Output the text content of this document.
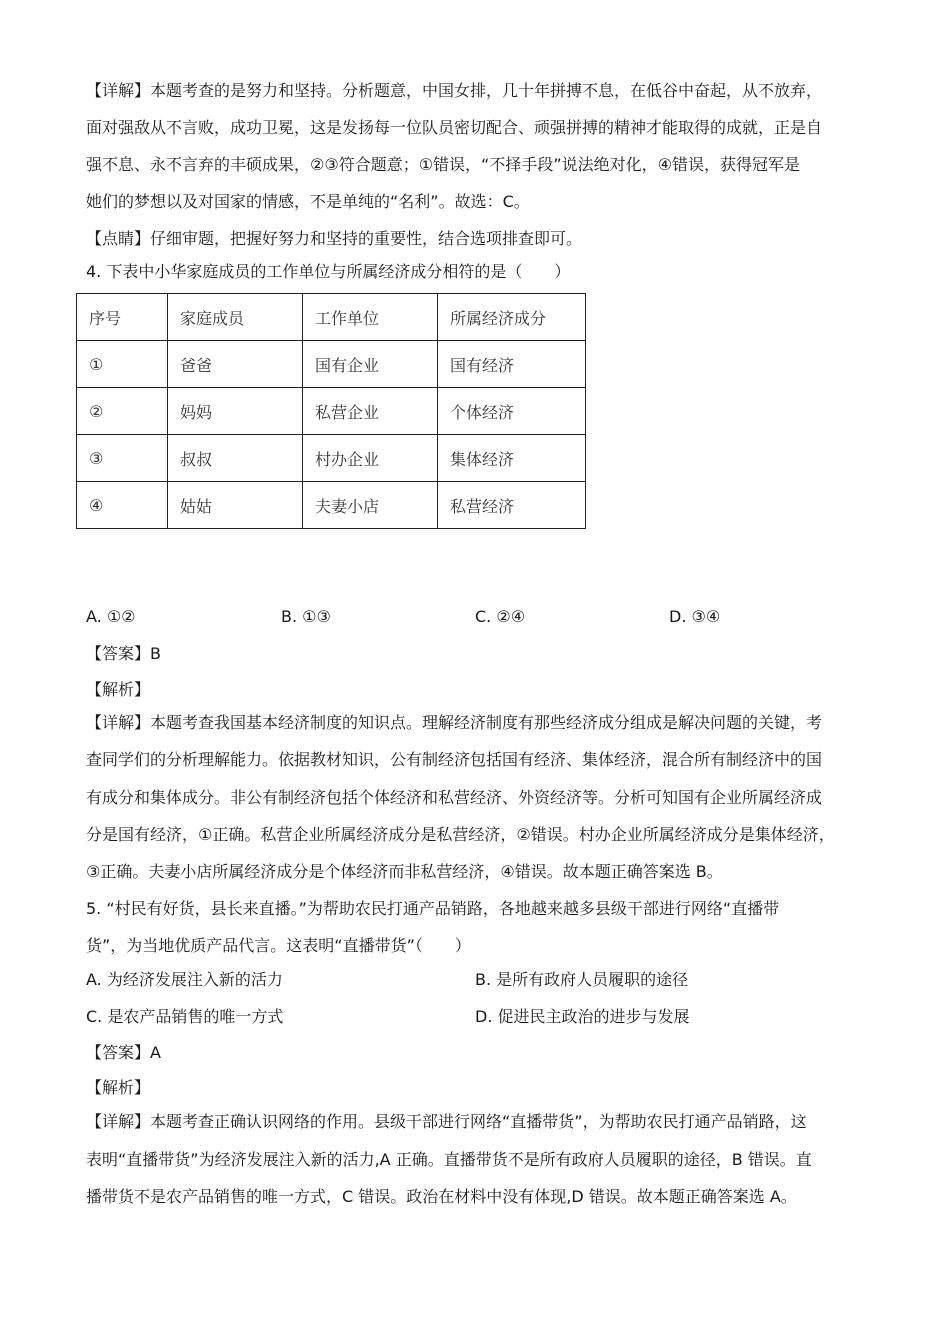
【详解】本题考查的是努力和坚持。分析题意，中国女排，几十年拼搏不息，在低谷中奋起，从不放弃，
面对强敌从不言败，成功卫冕，这是发扬每一位队员密切配合、顽强拼搏的精神才能取得的成就，正是自
强不息、永不言弃的丰硕成果，②③符合题意；①错误，“不择手段”说法绝对化，④错误，获得冠军是
她们的梦想以及对国家的情感，不是单纯的“名利”。故选：C。
【点睛】仔细审题，把握好努力和坚持的重要性，结合选项排查即可。
4. 下表中小华家庭成员的工作单位与所属经济成分相符的是（　　）
序号	家庭成员	工作单位	所属经济成分
①	爸爸	国有企业	国有经济
②	妈妈	私营企业	个体经济
③	叔叔	村办企业	集体经济
④	姑姑	夫妻小店	私营经济
A. ①②	B. ①③	C. ②④	D. ③④
【答案】B
【解析】
【详解】本题考查我国基本经济制度的知识点。理解经济制度有那些经济成分组成是解决问题的关键，考
查同学们的分析理解能力。依据教材知识，公有制经济包括国有经济、集体经济，混合所有制经济中的国
有成分和集体成分。非公有制经济包括个体经济和私营经济、外资经济等。分析可知国有企业所属经济成
分是国有经济，①正确。私营企业所属经济成分是私营经济，②错误。村办企业所属经济成分是集体经济，
③正确。夫妻小店所属经济成分是个体经济而非私营经济，④错误。故本题正确答案选 B。
5. “村民有好货，县长来直播。”为帮助农民打通产品销路，各地越来越多县级干部进行网络“直播带
货”，为当地优质产品代言。这表明“直播带货”（　　）
A. 为经济发展注入新的活力	B. 是所有政府人员履职的途径
C. 是农产品销售的唯一方式	D. 促进民主政治的进步与发展
【答案】A
【解析】
【详解】本题考查正确认识网络的作用。县级干部进行网络“直播带货”，为帮助农民打通产品销路，这
表明“直播带货”为经济发展注入新的活力,A 正确。直播带货不是所有政府人员履职的途径，B 错误。直
播带货不是农产品销售的唯一方式，C 错误。政治在材料中没有体现,D 错误。故本题正确答案选 A。
